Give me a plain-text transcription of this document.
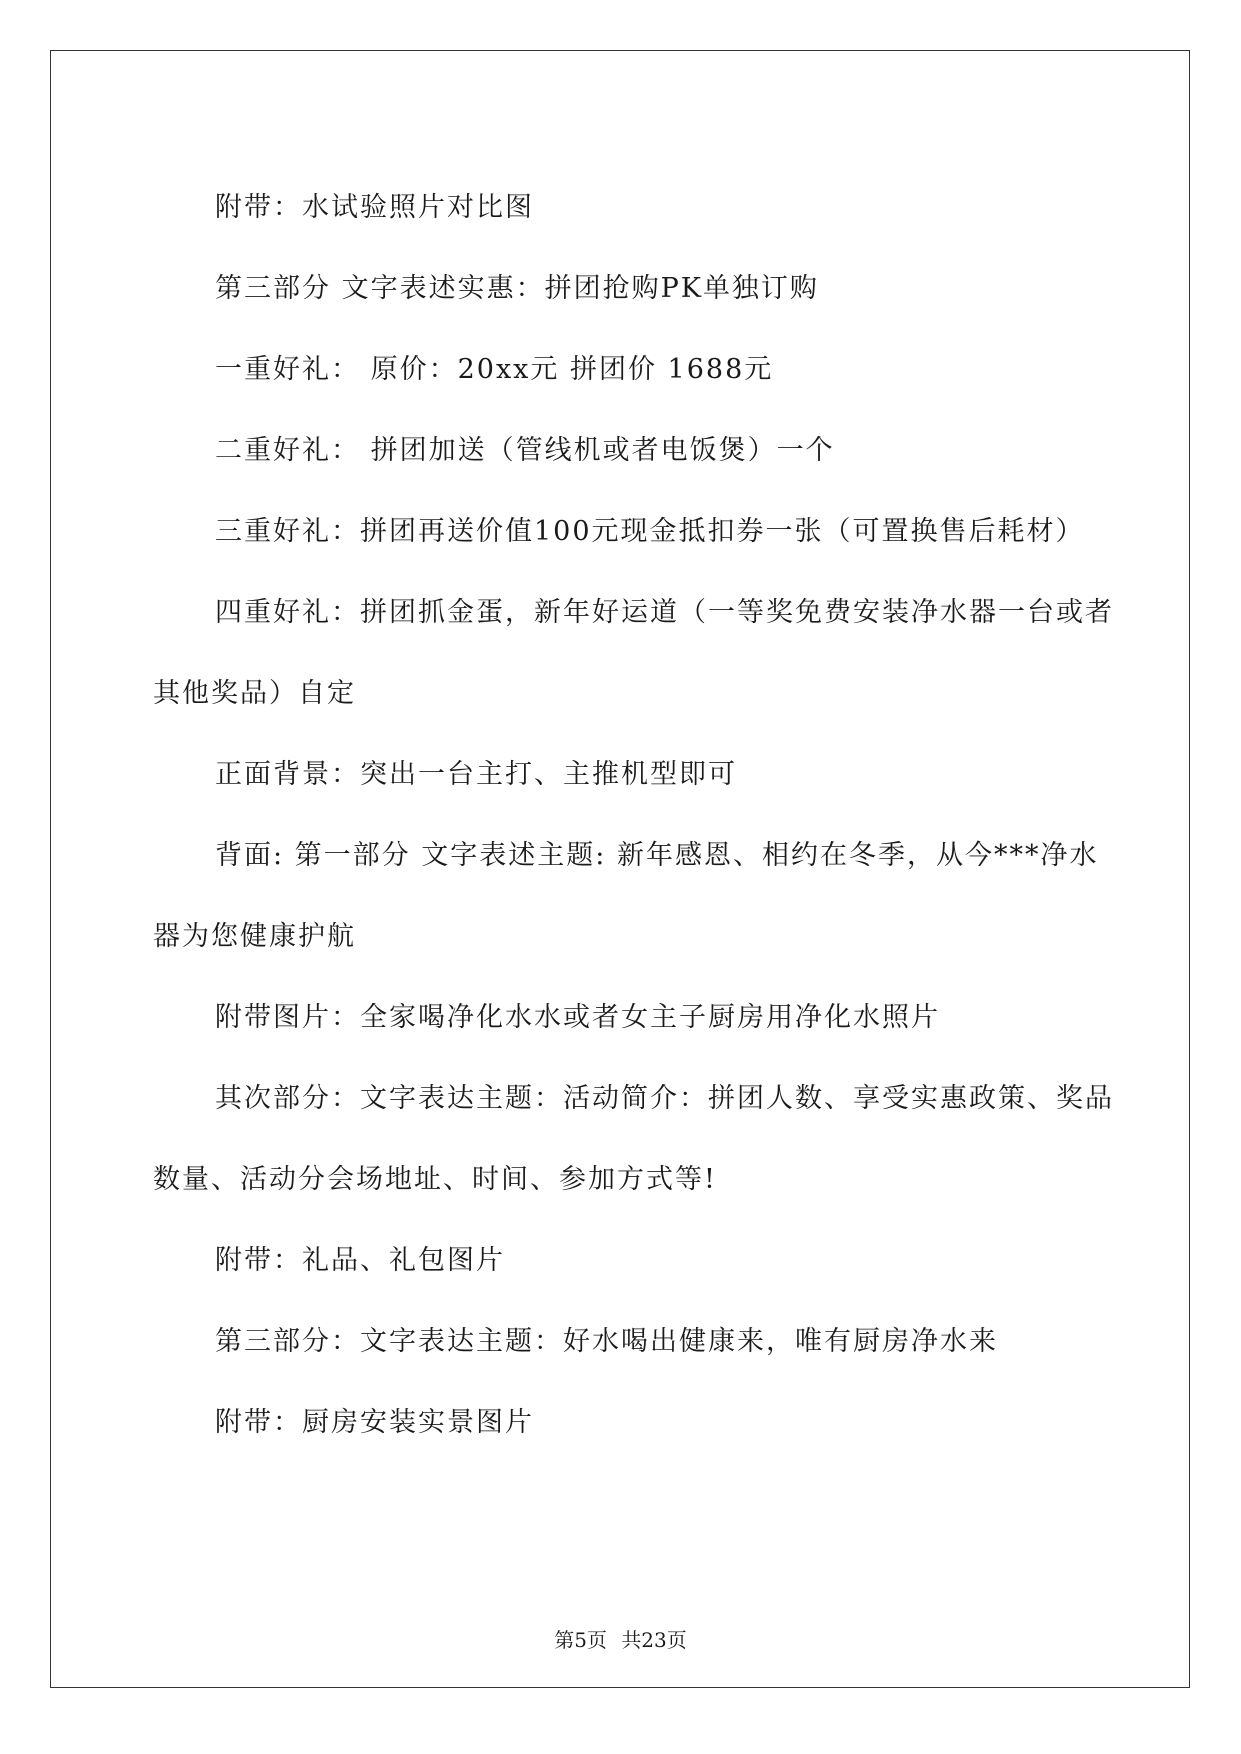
附带：水试验照片对比图

第三部分 文字表述实惠：拼团抢购PK单独订购

一重好礼： 原价：20xx元 拼团价 1688元

二重好礼： 拼团加送（管线机或者电饭煲）一个

三重好礼：拼团再送价值100元现金抵扣券一张（可置换售后耗材）

四重好礼：拼团抓金蛋，新年好运道（一等奖免费安装净水器一台或者其他奖品）自定

正面背景：突出一台主打、主推机型即可

背面: 第一部分 文字表述主题: 新年感恩、相约在冬季，从今***净水器为您健康护航

附带图片：全家喝净化水水或者女主子厨房用净化水照片

其次部分：文字表达主题：活动简介：拼团人数、享受实惠政策、奖品数量、活动分会场地址、时间、参加方式等!

附带：礼品、礼包图片

第三部分：文字表达主题：好水喝出健康来，唯有厨房净水来

附带：厨房安装实景图片

第5页 共23页
